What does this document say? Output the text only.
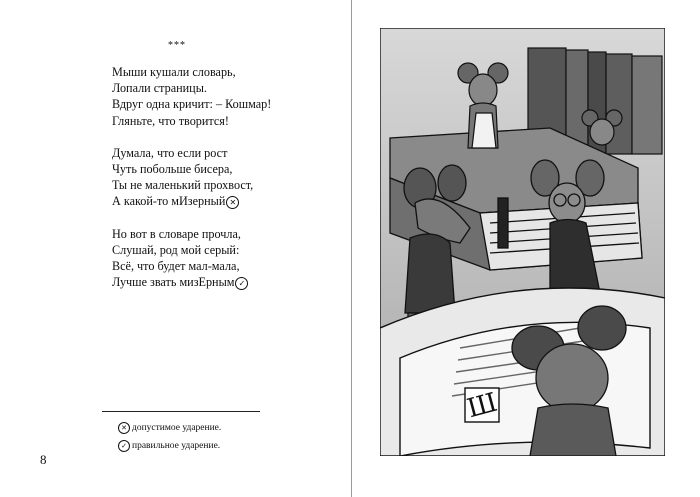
***
Мыши кушали словарь,
Лопали страницы.
Вдруг одна кричит: – Кошмар!
Гляньте, что творится!
Думала, что если рост
Чуть побольше бисера,
Ты не маленький прохвост,
А какой-то мИзерный ✕
Но вот в словаре прочла,
Слушай, род мой серый:
Всё, что будет мал-мала,
Лучше звать мизЕрным ✓
✕ допустимое ударение.
✓ правильное ударение.
8
Ш
